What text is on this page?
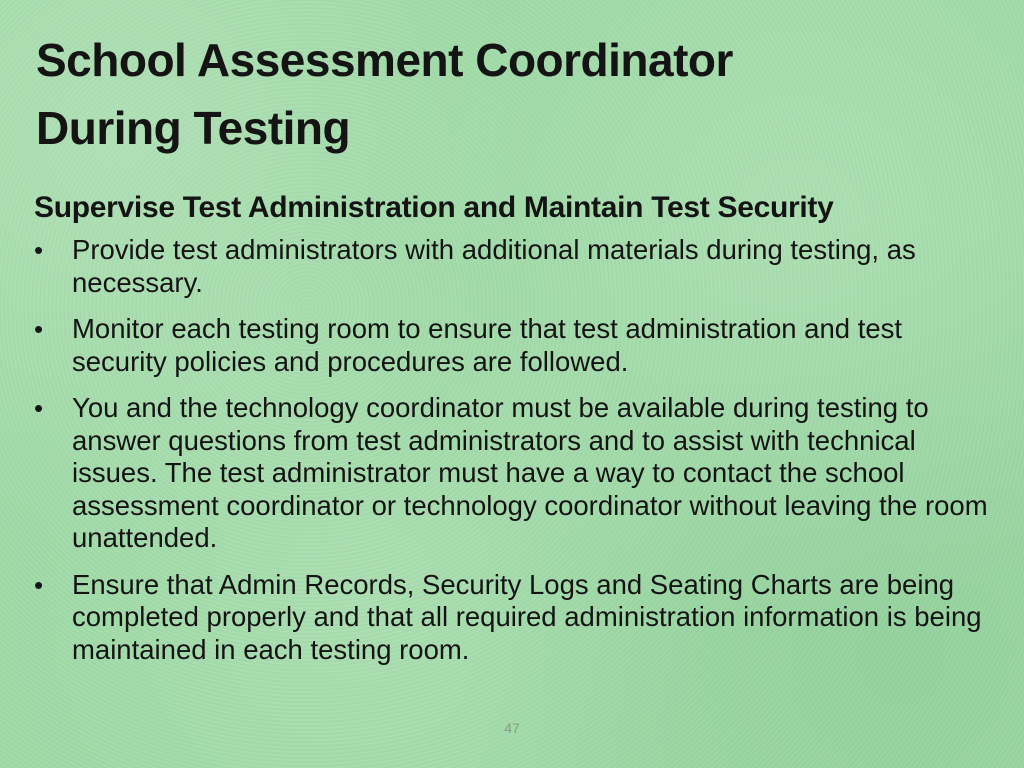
School Assessment Coordinator
During Testing

Supervise Test Administration and Maintain Test Security

•	Provide test administrators with additional materials during testing, as necessary.
•	Monitor each testing room to ensure that test administration and test security policies and procedures are followed.
•	You and the technology coordinator must be available during testing to answer questions from test administrators and to assist with technical issues. The test administrator must have a way to contact the school assessment coordinator or technology coordinator without leaving the room unattended.
•	Ensure that Admin Records, Security Logs and Seating Charts are being completed properly and that all required administration information is being maintained in each testing room.
47
